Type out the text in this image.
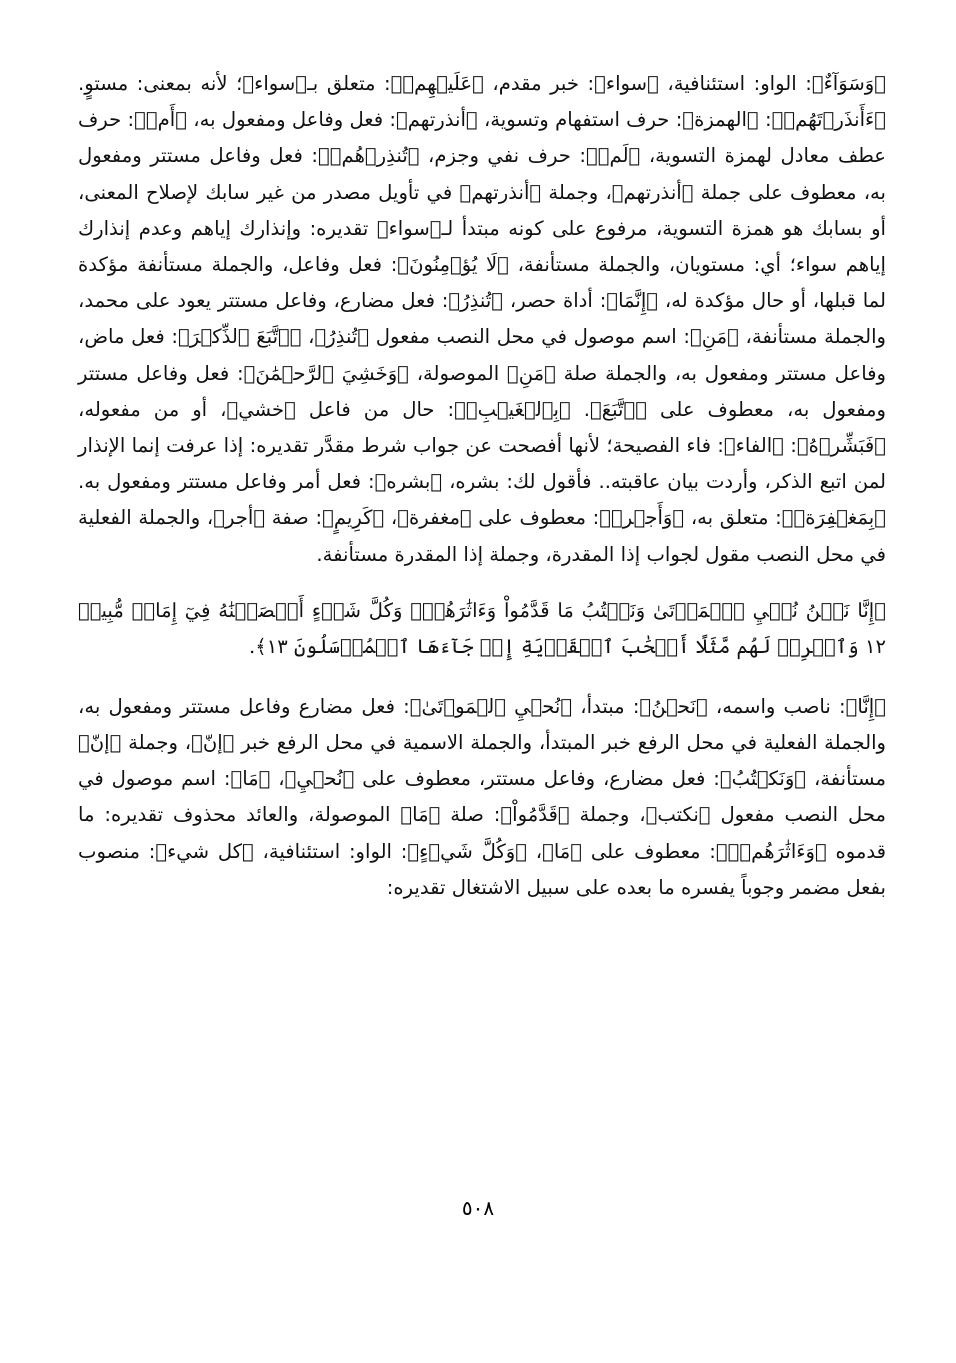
﴿وَسَوَآءٌ﴾: الواو: استئنافية، ﴿سواء﴾: خبر مقدم، ﴿عَلَيۡهِمۡ﴾: متعلق بـ﴿سواء﴾؛ لأنه بمعنى: مستوٍ. ﴿ءَأَنذَرۡتَهُمۡ﴾: ﴿الهمزة﴾: حرف استفهام وتسوية، ﴿أنذرتهم﴾: فعل وفاعل ومفعول به، ﴿أَمۡ﴾: حرف عطف معادل لهمزة التسوية، ﴿لَمۡ﴾: حرف نفي وجزم، ﴿تُنذِرۡهُمۡ﴾: فعل وفاعل مستتر ومفعول به، معطوف على جملة ﴿أنذرتهم﴾، وجملة ﴿أنذرتهم﴾ في تأويل مصدر من غير سابك لإصلاح المعنى، أو بسابك هو همزة التسوية، مرفوع على كونه مبتدأ لـ﴿سواء﴾ تقديره: وإنذارك إياهم وعدم إنذارك إياهم سواء؛ أي: مستويان، والجملة مستأنفة، ﴿لَا يُؤۡمِنُونَ﴾: فعل وفاعل، والجملة مستأنفة مؤكدة لما قبلها، أو حال مؤكدة له، ﴿إِنَّمَا﴾: أداة حصر، ﴿تُنذِرُ﴾: فعل مضارع، وفاعل مستتر يعود على محمد، والجملة مستأنفة، ﴿مَنِ﴾: اسم موصول في محل النصب مفعول ﴿تُنذِرُ﴾، ﴿ٱتَّبَعَ ٱلذِّكۡرَ﴾: فعل ماض، وفاعل مستتر ومفعول به، والجملة صلة ﴿مَنِ﴾ الموصولة، ﴿وَخَشِيَ ٱلرَّحۡمَٰنَ﴾: فعل وفاعل مستتر ومفعول به، معطوف على ﴿ٱتَّبَعَ﴾. ﴿بِٱلۡغَيۡبِۖ﴾: حال من فاعل ﴿خشي﴾، أو من مفعوله، ﴿فَبَشِّرۡهُ﴾: ﴿الفاء﴾: فاء الفصيحة؛ لأنها أفصحت عن جواب شرط مقدَّر تقديره: إذا عرفت إنما الإنذار لمن اتبع الذكر، وأردت بيان عاقبته.. فأقول لك: بشره، ﴿بشره﴾: فعل أمر وفاعل مستتر ومفعول به. ﴿بِمَغۡفِرَةٖ﴾: متعلق به، ﴿وَأَجۡرٖ﴾: معطوف على ﴿مغفرة﴾، ﴿كَرِيمٍ﴾: صفة ﴿أجر﴾، والجملة الفعلية في محل النصب مقول لجواب إذا المقدرة، وجملة إذا المقدرة مستأنفة.

﴿إِنَّا نَحۡنُ نُحۡيِ ٱلۡمَوۡتَىٰ وَنَكۡتُبُ مَا قَدَّمُواْ وَءَاثَٰرَهُمۡۚ وَكُلَّ شَيۡءٍ أَحۡصَيۡنَٰهُ فِيٓ إِمَامٖ مُّبِينٖ ١٢ وَٱضۡرِبۡ لَهُم مَّثَلًا أَصۡحَٰبَ ٱلۡقَرۡيَةِ إِذۡ جَآءَهَا ٱلۡمُرۡسَلُونَ ١٣﴾.

﴿إِنَّا﴾: ناصب واسمه، ﴿نَحۡنُ﴾: مبتدأ، ﴿نُحۡيِ ٱلۡمَوۡتَىٰ﴾: فعل مضارع وفاعل مستتر ومفعول به، والجملة الفعلية في محل الرفع خبر المبتدأ، والجملة الاسمية في محل الرفع خبر ﴿إنّ﴾، وجملة ﴿إنّ﴾ مستأنفة، ﴿وَنَكۡتُبُ﴾: فعل مضارع، وفاعل مستتر، معطوف على ﴿نُحۡيِ﴾، ﴿مَا﴾: اسم موصول في محل النصب مفعول ﴿نكتب﴾، وجملة ﴿قَدَّمُواْ﴾: صلة ﴿مَا﴾ الموصولة، والعائد محذوف تقديره: ما قدموه ﴿وَءَاثَٰرَهُمۡۚ﴾: معطوف على ﴿مَا﴾، ﴿وَكُلَّ شَيۡءٍ﴾: الواو: استئنافية، ﴿كل شيء﴾: منصوب بفعل مضمر وجوباً يفسره ما بعده على سبيل الاشتغال تقديره:

٥٠٨
